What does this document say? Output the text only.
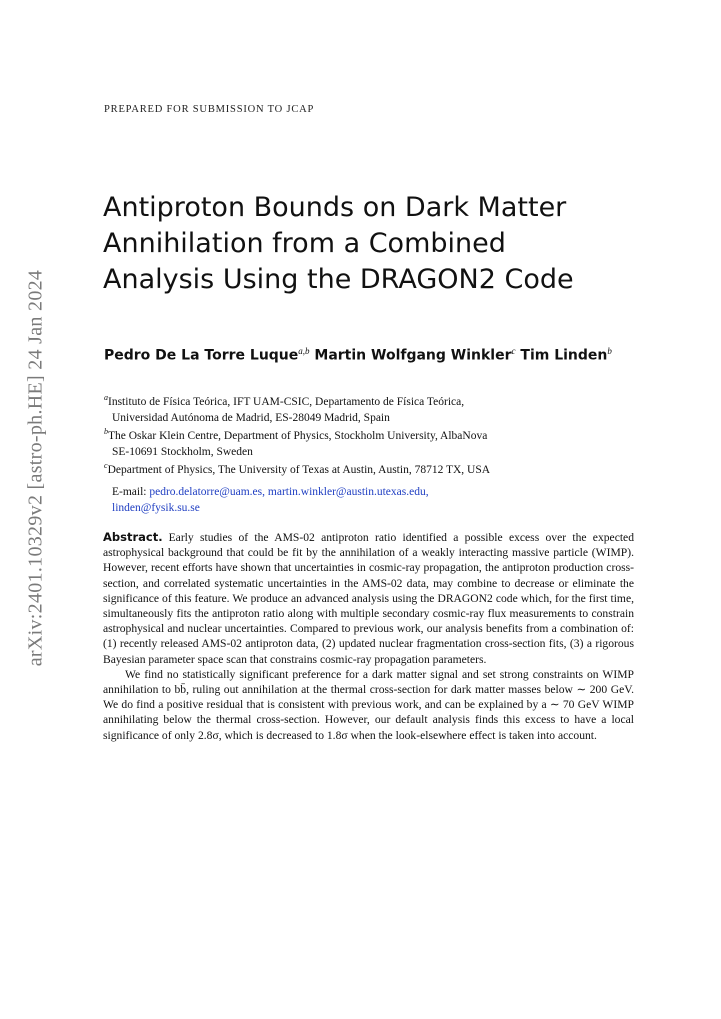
arXiv:2401.10329v2 [astro-ph.HE] 24 Jan 2024
PREPARED FOR SUBMISSION TO JCAP
Antiproton Bounds on Dark Matter
Annihilation from a Combined
Analysis Using the DRAGON2 Code
Pedro De La Torre Luque$^{a,b}$ Martin Wolfgang Winkler$^c$ Tim Linden$^b$
$^a$Instituto de Física Teórica, IFT UAM-CSIC, Departamento de Física Teórica,
Universidad Autónoma de Madrid, ES-28049 Madrid, Spain
$^b$The Oskar Klein Centre, Department of Physics, Stockholm University, AlbaNova
SE-10691 Stockholm, Sweden
$^c$Department of Physics, The University of Texas at Austin, Austin, 78712 TX, USA
E-mail: pedro.delatorre@uam.es, martin.winkler@austin.utexas.edu,
linden@fysik.su.se

Abstract. Early studies of the AMS-02 antiproton ratio identified a possible excess over the expected astrophysical background that could be fit by the annihilation of a weakly interacting massive particle (WIMP). However, recent efforts have shown that uncertainties in cosmic-ray propagation, the antiproton production cross-section, and correlated systematic uncertainties in the AMS-02 data, may combine to decrease or eliminate the significance of this feature. We produce an advanced analysis using the DRAGON2 code which, for the first time, simultaneously fits the antiproton ratio along with multiple secondary cosmic-ray flux measurements to constrain astrophysical and nuclear uncertainties. Compared to previous work, our analysis benefits from a combination of: (1) recently released AMS-02 antiproton data, (2) updated nuclear fragmentation cross-section fits, (3) a rigorous Bayesian parameter space scan that constrains cosmic-ray propagation parameters.

We find no statistically significant preference for a dark matter signal and set strong constraints on WIMP annihilation to bb̄, ruling out annihilation at the thermal cross-section for dark matter masses below ∼ 200 GeV. We do find a positive residual that is consistent with previous work, and can be explained by a ∼ 70 GeV WIMP annihilating below the thermal cross-section. However, our default analysis finds this excess to have a local significance of only 2.8σ, which is decreased to 1.8σ when the look-elsewhere effect is taken into account.
